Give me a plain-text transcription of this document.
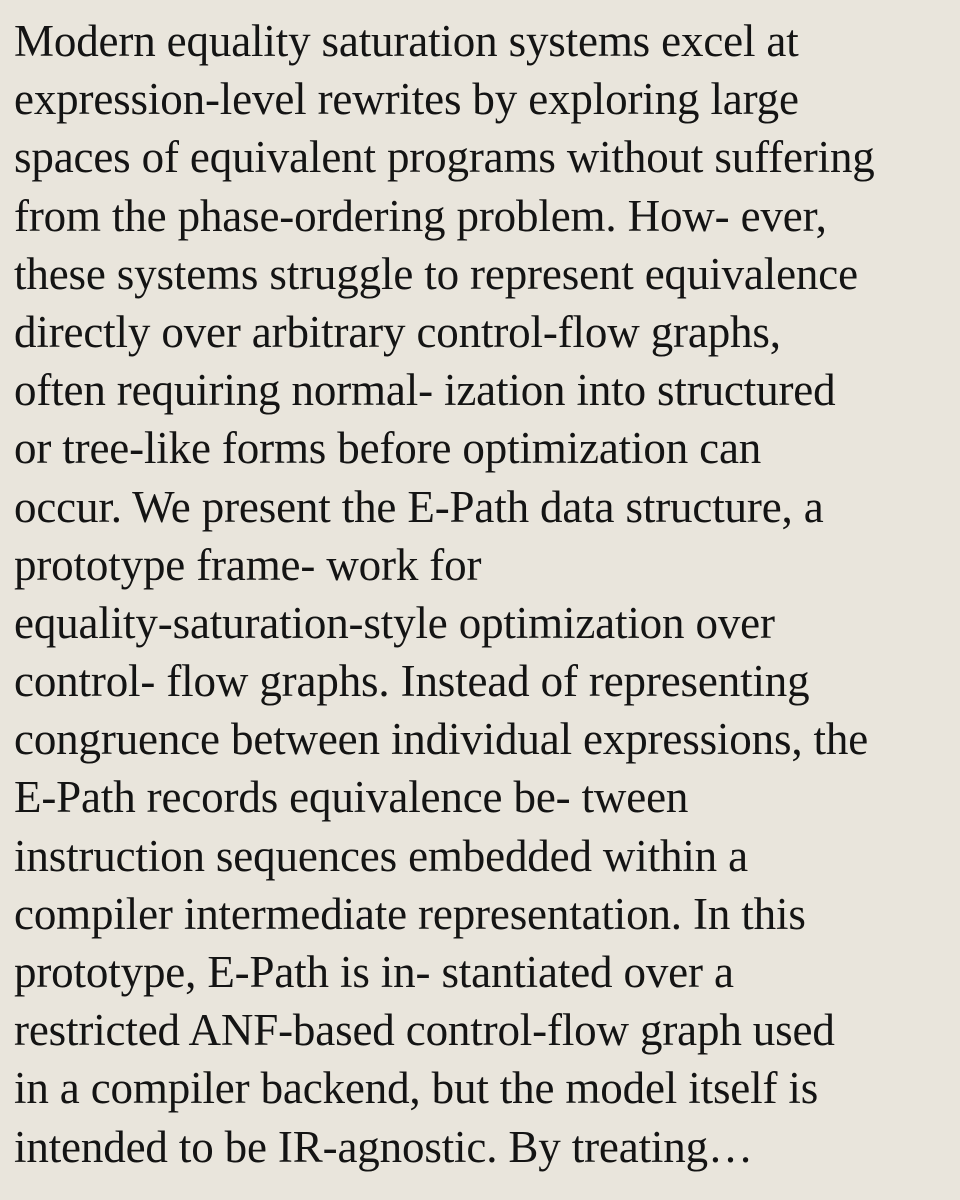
Modern equality saturation systems excel at
expression-level rewrites by exploring large
spaces of equivalent programs without suffering
from the phase-ordering problem. How- ever,
these systems struggle to represent equivalence
directly over arbitrary control-flow graphs,
often requiring normal- ization into structured
or tree-like forms before optimization can
occur. We present the E-Path data structure, a
prototype frame- work for
equality-saturation-style optimization over
control- flow graphs. Instead of representing
congruence between individual expressions, the
E-Path records equivalence be- tween
instruction sequences embedded within a
compiler intermediate representation. In this
prototype, E-Path is in- stantiated over a
restricted ANF-based control-flow graph used
in a compiler backend, but the model itself is
intended to be IR-agnostic. By treating…
